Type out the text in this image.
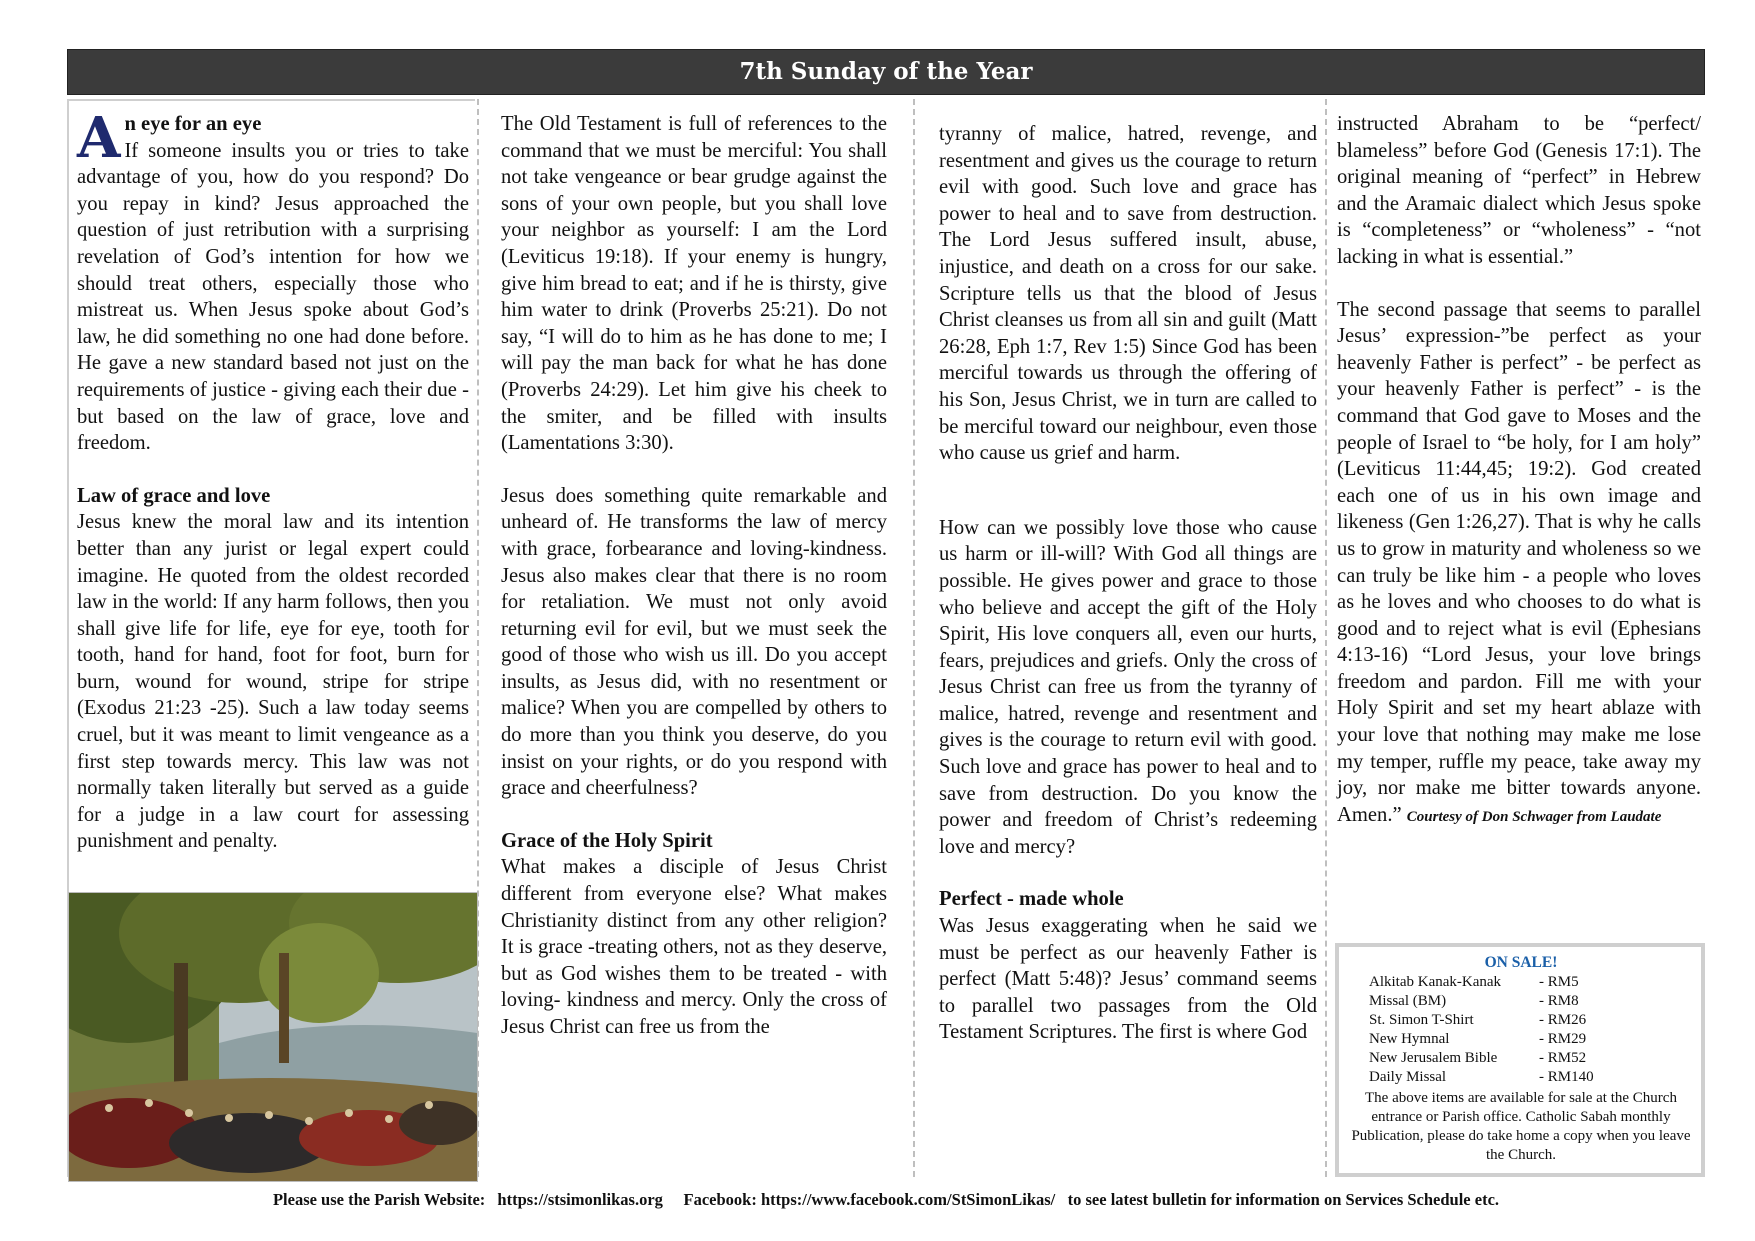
7th Sunday of the Year
A n eye for an eye

If someone insults you or tries to take advantage of you, how do you respond? Do you repay in kind? Jesus approached the question of just retribution with a surprising revelation of God’s intention for how we should treat others, especially those who mistreat us. When Jesus spoke about God’s law, he did something no one had done before. He gave a new standard based not just on the requirements of justice - giving each their due - but based on the law of grace, love and freedom.

Law of grace and love

Jesus knew the moral law and its intention better than any jurist or legal expert could imagine. He quoted from the oldest recorded law in the world: If any harm follows, then you shall give life for life, eye for eye, tooth for tooth, hand for hand, foot for foot, burn for burn, wound for wound, stripe for stripe (Exodus 21:23 -25). Such a law today seems cruel, but it was meant to limit vengeance as a first step towards mercy. This law was not normally taken literally but served as a guide for a judge in a law court for assessing punishment and penalty.

The Old Testament is full of references to the command that we must be merciful: You shall not take vengeance or bear grudge against the sons of your own people, but you shall love your neighbor as yourself: I am the Lord (Leviticus 19:18). If your enemy is hungry, give him bread to eat; and if he is thirsty, give him water to drink (Proverbs 25:21). Do not say, “I will do to him as he has done to me; I will pay the man back for what he has done (Proverbs 24:29). Let him give his cheek to the smiter, and be filled with insults (Lamentations 3:30).

Jesus does something quite remarkable and unheard of. He transforms the law of mercy with grace, forbearance and loving-kindness. Jesus also makes clear that there is no room for retaliation. We must not only avoid returning evil for evil, but we must seek the good of those who wish us ill. Do you accept insults, as Jesus did, with no resentment or malice? When you are compelled by others to do more than you think you deserve, do you insist on your rights, or do you respond with grace and cheerfulness?

Grace of the Holy Spirit

What makes a disciple of Jesus Christ different from everyone else? What makes Christianity distinct from any other religion? It is grace -treating others, not as they deserve, but as God wishes them to be treated - with loving- kindness and mercy. Only the cross of Jesus Christ can free us from the

tyranny of malice, hatred, revenge, and resentment and gives us the courage to return evil with good. Such love and grace has power to heal and to save from destruction. The Lord Jesus suffered insult, abuse, injustice, and death on a cross for our sake. Scripture tells us that the blood of Jesus Christ cleanses us from all sin and guilt (Matt 26:28, Eph 1:7, Rev 1:5) Since God has been merciful towards us through the offering of his Son, Jesus Christ, we in turn are called to be merciful toward our neighbour, even those who cause us grief and harm.

How can we possibly love those who cause us harm or ill-will? With God all things are possible. He gives power and grace to those who believe and accept the gift of the Holy Spirit, His love conquers all, even our hurts, fears, prejudices and griefs. Only the cross of Jesus Christ can free us from the tyranny of malice, hatred, revenge and resentment and gives is the courage to return evil with good. Such love and grace has power to heal and to save from destruction. Do you know the power and freedom of Christ’s redeeming love and mercy?

Perfect - made whole

Was Jesus exaggerating when he said we must be perfect as our heavenly Father is perfect (Matt 5:48)? Jesus’ command seems to parallel two passages from the Old Testament Scriptures. The first is where God

instructed Abraham to be “perfect/ blameless” before God (Genesis 17:1). The original meaning of “perfect” in Hebrew and the Aramaic dialect which Jesus spoke is “completeness” or “wholeness” - “not lacking in what is essential.”

The second passage that seems to parallel Jesus’ expression-”be perfect as your heavenly Father is perfect” - be perfect as your heavenly Father is perfect” - is the command that God gave to Moses and the people of Israel to “be holy, for I am holy” (Leviticus 11:44,45; 19:2). God created each one of us in his own image and likeness (Gen 1:26,27). That is why he calls us to grow in maturity and wholeness so we can truly be like him - a people who loves as he loves and who chooses to do what is good and to reject what is evil (Ephesians 4:13-16) “Lord Jesus, your love brings freedom and pardon. Fill me with your Holy Spirit and set my heart ablaze with your love that nothing may make me lose my temper, ruffle my peace, take away my joy, nor make me bitter towards anyone. Amen.” Courtesy of Don Schwager from Laudate

ON SALE!
Alkitab Kanak-Kanak	- RM5
Missal (BM)	- RM8
St. Simon T-Shirt	- RM26
New Hymnal	- RM29
New Jerusalem Bible	- RM52
Daily Missal	- RM140
The above items are available for sale at the Church entrance or Parish office. Catholic Sabah monthly Publication, please do take home a copy when you leave the Church.
Please use the Parish Website: https://stsimonlikas.org Facebook: https://www.facebook.com/StSimonLikas/ to see latest bulletin for information on Services Schedule etc.
